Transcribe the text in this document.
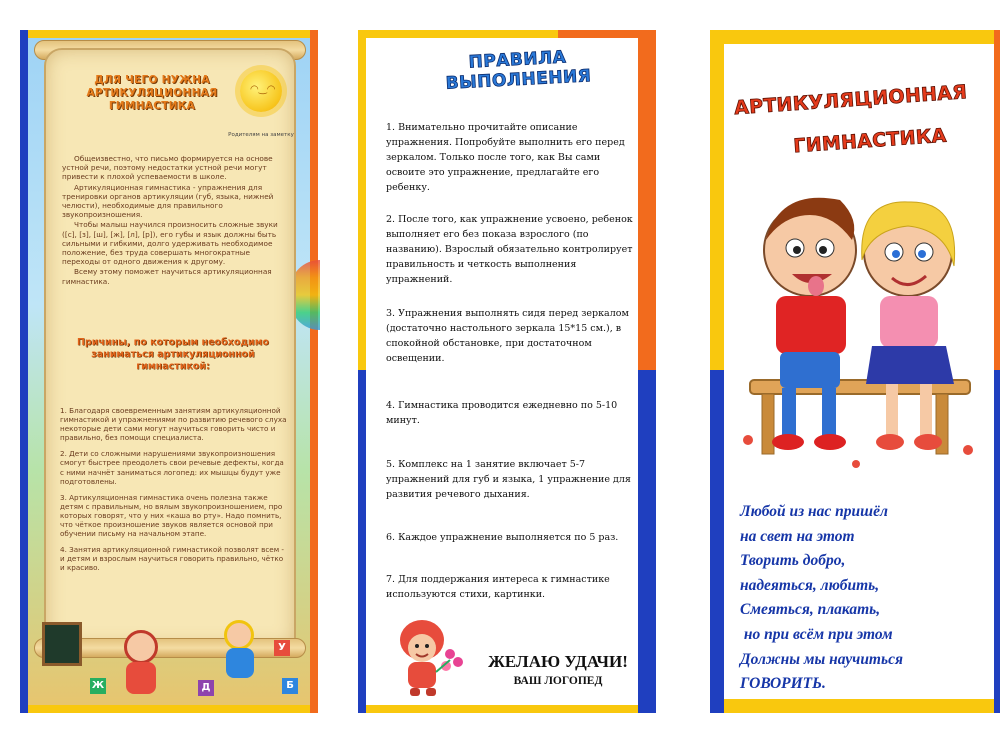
ДЛЯ ЧЕГО НУЖНА АРТИКУЛЯЦИОННАЯ ГИМНАСТИКА
◠‿◠
Родителям на заметку

Общеизвестно, что письмо формируется на основе устной речи, поэтому недостатки устной речи могут привести к плохой успеваемости в школе.

Артикуляционная гимнастика - упражнения для тренировки органов артикуляции (губ, языка, нижней челюсти), необходимые для правильного звукопроизношения.

Чтобы малыш научился произносить сложные звуки ([с], [з], [ш], [ж], [л], [р]), его губы и язык должны быть сильными и гибкими, долго удерживать необходимое положение, без труда совершать многократные переходы от одного движения к другому.

Всему этому поможет научиться артикуляционная гимнастика.

Причины, по которым необходимо заниматься артикуляционной гимнастикой:
1. Благодаря своевременным занятиям артикуляционной гимнастикой и упражнениями по развитию речевого слуха некоторые дети сами могут научиться говорить чисто и правильно, без помощи специалиста.
2. Дети со сложными нарушениями звукопроизношения смогут быстрее преодолеть свои речевые дефекты, когда с ними начнёт заниматься логопед: их мышцы будут уже подготовлены.
3. Артикуляционная гимнастика очень полезна также детям с правильным, но вялым звукопроизношением, про которых говорят, что у них «каша во рту». Надо помнить, что чёткое произношение звуков является основой при обучении письму на начальном этапе.
4. Занятия артикуляционной гимнастикой позволят всем - и детям и взрослым научиться говорить правильно, чётко и красиво.
Ж
У
Д	Б
ПРАВИЛА ВЫПОЛНЕНИЯ
1. Внимательно прочитайте описание упражнения. Попробуйте выполнить его перед зеркалом. Только после того, как Вы сами освоите это упражнение, предлагайте его ребенку.
2. После того, как упражнение усвоено, ребенок выполняет его без показа взрослого (по названию). Взрослый обязательно контролирует правильность и четкость выполнения упражнений.
3. Упражнения выполнять сидя перед зеркалом (достаточно настольного зеркала 15*15 см.), в спокойной обстановке, при достаточном освещении.
4. Гимнастика проводится ежедневно по 5-10 минут.
5. Комплекс на 1 занятие включает 5-7 упражнений для губ и языка, 1 упражнение для развития речевого дыхания.
6. Каждое упражнение выполняется по 5 раз.
7. Для поддержания интереса к гимнастике используются стихи, картинки.
ЖЕЛАЮ УДАЧИ!
ВАШ ЛОГОПЕД
АРТИКУЛЯЦИОННАЯ
ГИМНАСТИКА
Любой из нас пришёл
на свет на этот
Творить добро,
надеяться, любить,
Смеяться, плакать,
но при всём при этом
Должны мы научиться
ГОВОРИТЬ.
